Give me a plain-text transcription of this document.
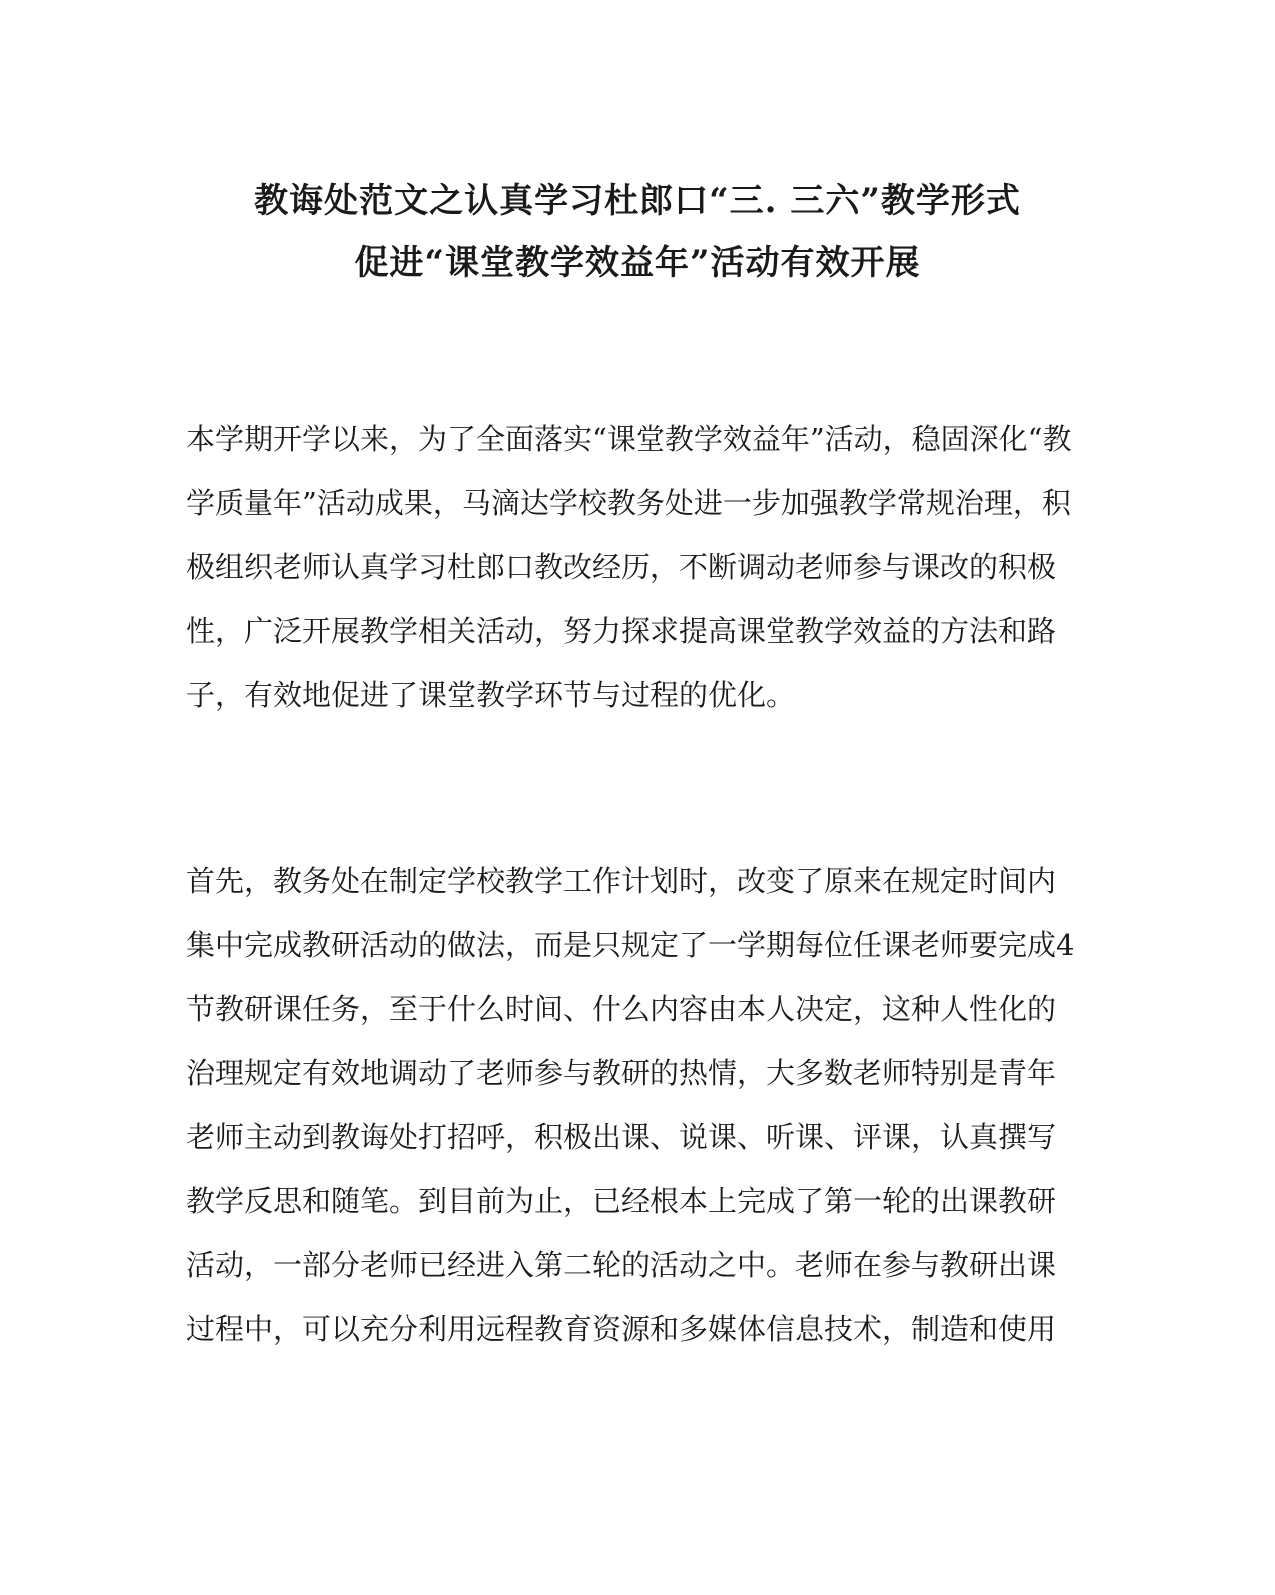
教诲处范文之认真学习杜郎口“三. 三六”教学形式
促进“课堂教学效益年”活动有效开展
本学期开学以来，为了全面落实“课堂教学效益年”活动，稳固深化“教
学质量年”活动成果，马滴达学校教务处进一步加强教学常规治理，积
极组织老师认真学习杜郎口教改经历，不断调动老师参与课改的积极
性，广泛开展教学相关活动，努力探求提高课堂教学效益的方法和路
子，有效地促进了课堂教学环节与过程的优化。
首先，教务处在制定学校教学工作计划时，改变了原来在规定时间内
集中完成教研活动的做法，而是只规定了一学期每位任课老师要完成4
节教研课任务，至于什么时间、什么内容由本人决定，这种人性化的
治理规定有效地调动了老师参与教研的热情，大多数老师特别是青年
老师主动到教诲处打招呼，积极出课、说课、听课、评课，认真撰写
教学反思和随笔。到目前为止，已经根本上完成了第一轮的出课教研
活动，一部分老师已经进入第二轮的活动之中。老师在参与教研出课
过程中，可以充分利用远程教育资源和多媒体信息技术，制造和使用
